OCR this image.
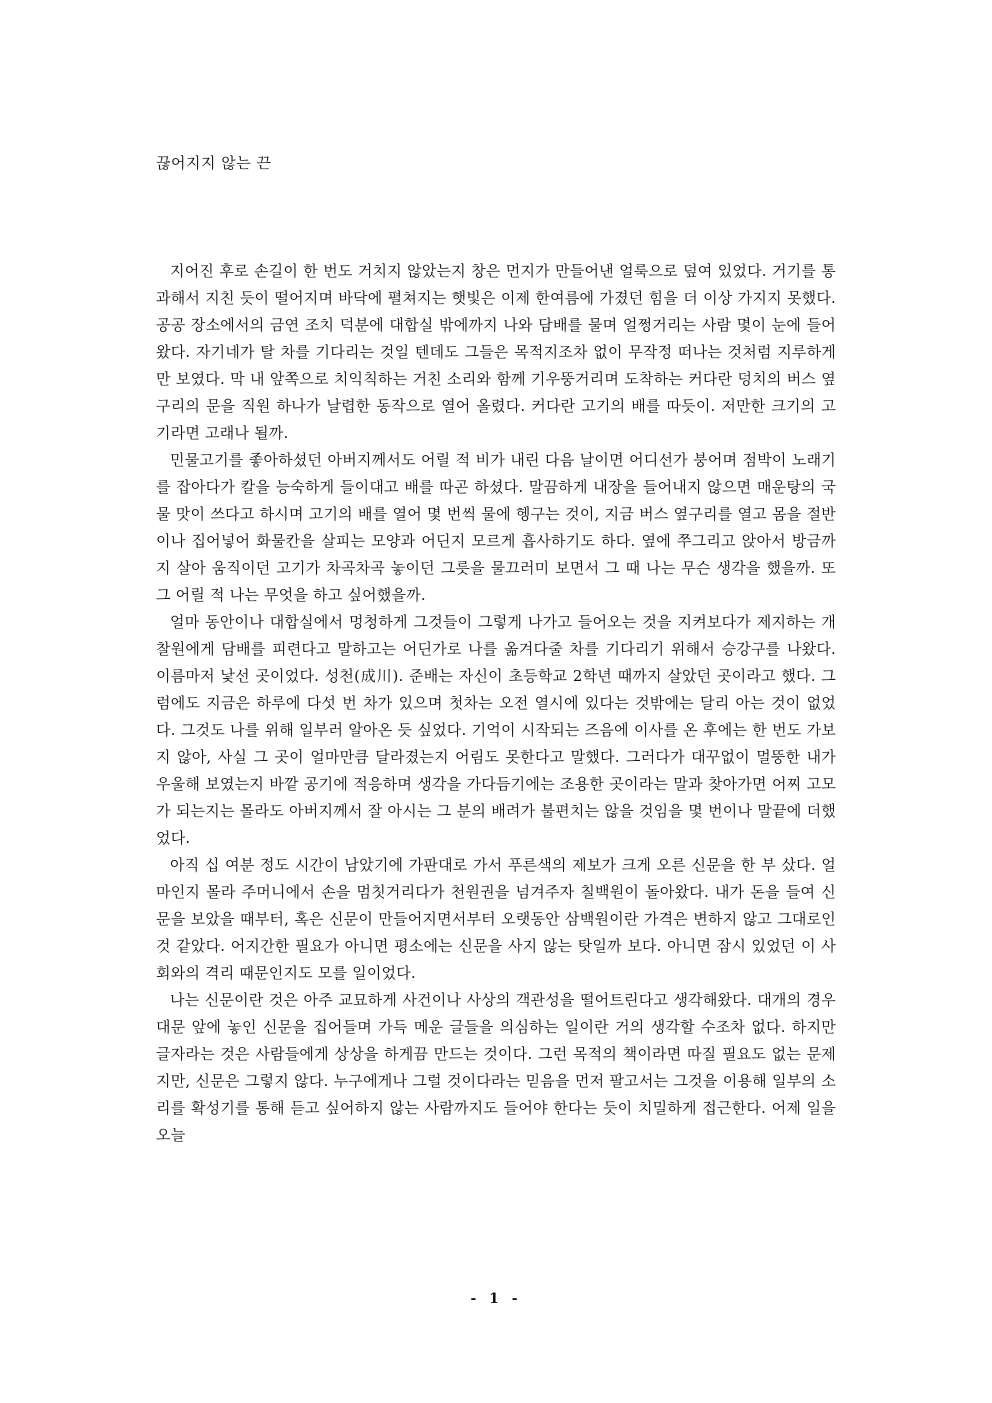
끊어지지 않는 끈

지어진 후로 손길이 한 번도 거치지 않았는지 창은 먼지가 만들어낸 얼룩으로 덮여 있었다. 거기를 통과해서 지친 듯이 떨어지며 바닥에 펼쳐지는 햇빛은 이제 한여름에 가졌던 힘을 더 이상 가지지 못했다. 공공 장소에서의 금연 조치 덕분에 대합실 밖에까지 나와 담배를 물며 얼쩡거리는 사람 몇이 눈에 들어왔다. 자기네가 탈 차를 기다리는 것일 텐데도 그들은 목적지조차 없이 무작정 떠나는 것처럼 지루하게만 보였다. 막 내 앞쪽으로 치익칙하는 거친 소리와 함께 기우뚱거리며 도착하는 커다란 덩치의 버스 옆구리의 문을 직원 하나가 날렵한 동작으로 열어 올렸다. 커다란 고기의 배를 따듯이. 저만한 크기의 고기라면 고래나 될까.

민물고기를 좋아하셨던 아버지께서도 어릴 적 비가 내린 다음 날이면 어디선가 붕어며 점박이 노래기를 잡아다가 칼을 능숙하게 들이대고 배를 따곤 하셨다. 말끔하게 내장을 들어내지 않으면 매운탕의 국물 맛이 쓰다고 하시며 고기의 배를 열어 몇 번씩 물에 헹구는 것이, 지금 버스 옆구리를 열고 몸을 절반이나 집어넣어 화물칸을 살피는 모양과 어딘지 모르게 흡사하기도 하다. 옆에 쭈그리고 앉아서 방금까지 살아 움직이던 고기가 차곡차곡 놓이던 그릇을 물끄러미 보면서 그 때 나는 무슨 생각을 했을까. 또 그 어릴 적 나는 무엇을 하고 싶어했을까.

얼마 동안이나 대합실에서 멍청하게 그것들이 그렇게 나가고 들어오는 것을 지켜보다가 제지하는 개찰원에게 담배를 피련다고 말하고는 어딘가로 나를 옮겨다줄 차를 기다리기 위해서 승강구를 나왔다. 이름마저 낯선 곳이었다. 성천(成川). 준배는 자신이 초등학교 2학년 때까지 살았던 곳이라고 했다. 그럼에도 지금은 하루에 다섯 번 차가 있으며 첫차는 오전 열시에 있다는 것밖에는 달리 아는 것이 없었다. 그것도 나를 위해 일부러 알아온 듯 싶었다. 기억이 시작되는 즈음에 이사를 온 후에는 한 번도 가보지 않아, 사실 그 곳이 얼마만큼 달라졌는지 어림도 못한다고 말했다. 그러다가 대꾸없이 멀뚱한 내가 우울해 보였는지 바깥 공기에 적응하며 생각을 가다듬기에는 조용한 곳이라는 말과 찾아가면 어찌 고모가 되는지는 몰라도 아버지께서 잘 아시는 그 분의 배려가 불편치는 않을 것임을 몇 번이나 말끝에 더했었다.

아직 십 여분 정도 시간이 남았기에 가판대로 가서 푸른색의 제보가 크게 오른 신문을 한 부 샀다. 얼마인지 몰라 주머니에서 손을 멈칫거리다가 천원권을 넘겨주자 칠백원이 돌아왔다. 내가 돈을 들여 신문을 보았을 때부터, 혹은 신문이 만들어지면서부터 오랫동안 삼백원이란 가격은 변하지 않고 그대로인 것 같았다. 어지간한 필요가 아니면 평소에는 신문을 사지 않는 탓일까 보다. 아니면 잠시 있었던 이 사회와의 격리 때문인지도 모를 일이었다.

나는 신문이란 것은 아주 교묘하게 사건이나 사상의 객관성을 떨어트린다고 생각해왔다. 대개의 경우 대문 앞에 놓인 신문을 집어들며 가득 메운 글들을 의심하는 일이란 거의 생각할 수조차 없다. 하지만 글자라는 것은 사람들에게 상상을 하게끔 만드는 것이다. 그런 목적의 책이라면 따질 필요도 없는 문제지만, 신문은 그렇지 않다. 누구에게나 그럴 것이다라는 믿음을 먼저 팔고서는 그것을 이용해 일부의 소리를 확성기를 통해 듣고 싶어하지 않는 사람까지도 들어야 한다는 듯이 치밀하게 접근한다. 어제 일을 오늘

- 1 -
